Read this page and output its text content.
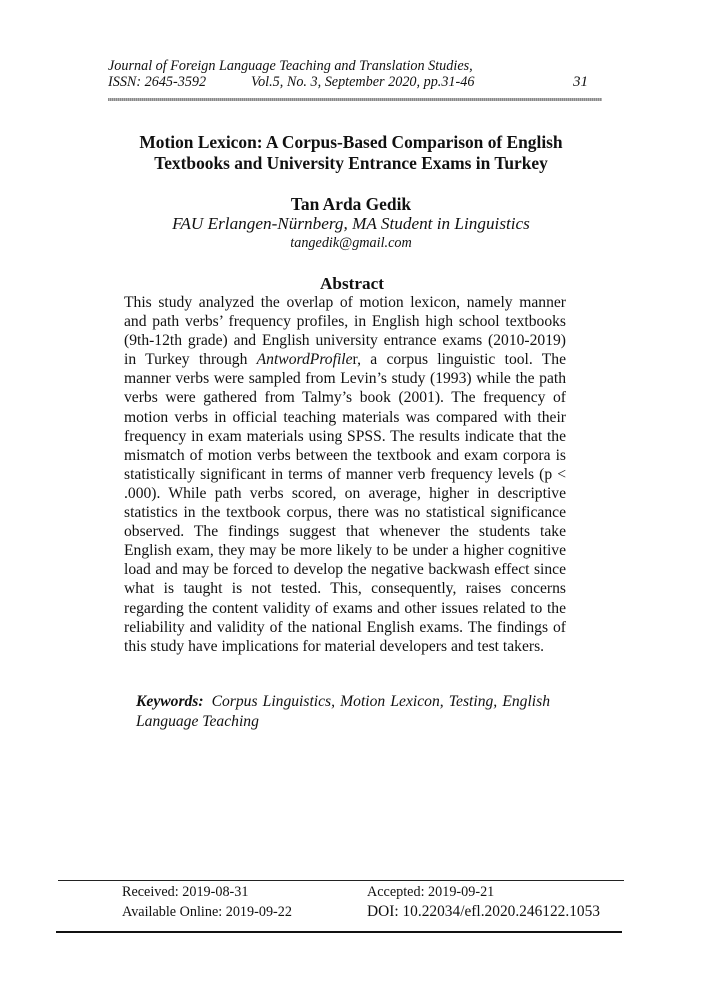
Journal of Foreign Language Teaching and Translation Studies,
ISSN: 2645-3592	Vol.5, No. 3, September 2020, pp.31-46	31
Motion Lexicon: A Corpus-Based Comparison of English
Textbooks and University Entrance Exams in Turkey
Tan Arda Gedik
FAU Erlangen-Nürnberg, MA Student in Linguistics
tangedik@gmail.com
Abstract
This study analyzed the overlap of motion lexicon, namely manner and path verbs’ frequency profiles, in English high school textbooks (9th-12th grade) and English university entrance exams (2010-2019) in Turkey through AntwordProfiler, a corpus linguistic tool. The manner verbs were sampled from Levin’s study (1993) while the path verbs were gathered from Talmy’s book (2001). The frequency of motion verbs in official teaching materials was compared with their frequency in exam materials using SPSS. The results indicate that the mismatch of motion verbs between the textbook and exam corpora is statistically significant in terms of manner verb frequency levels (p < .000). While path verbs scored, on average, higher in descriptive statistics in the textbook corpus, there was no statistical significance observed. The findings suggest that whenever the students take English exam, they may be more likely to be under a higher cognitive load and may be forced to develop the negative backwash effect since what is taught is not tested. This, consequently, raises concerns regarding the content validity of exams and other issues related to the reliability and validity of the national English exams. The findings of this study have implications for material developers and test takers.
Keywords: Corpus Linguistics, Motion Lexicon, Testing, English Language Teaching
Received: 2019-08-31	Accepted: 2019-09-21
Available Online: 2019-09-22	DOI: 10.22034/efl.2020.246122.1053
